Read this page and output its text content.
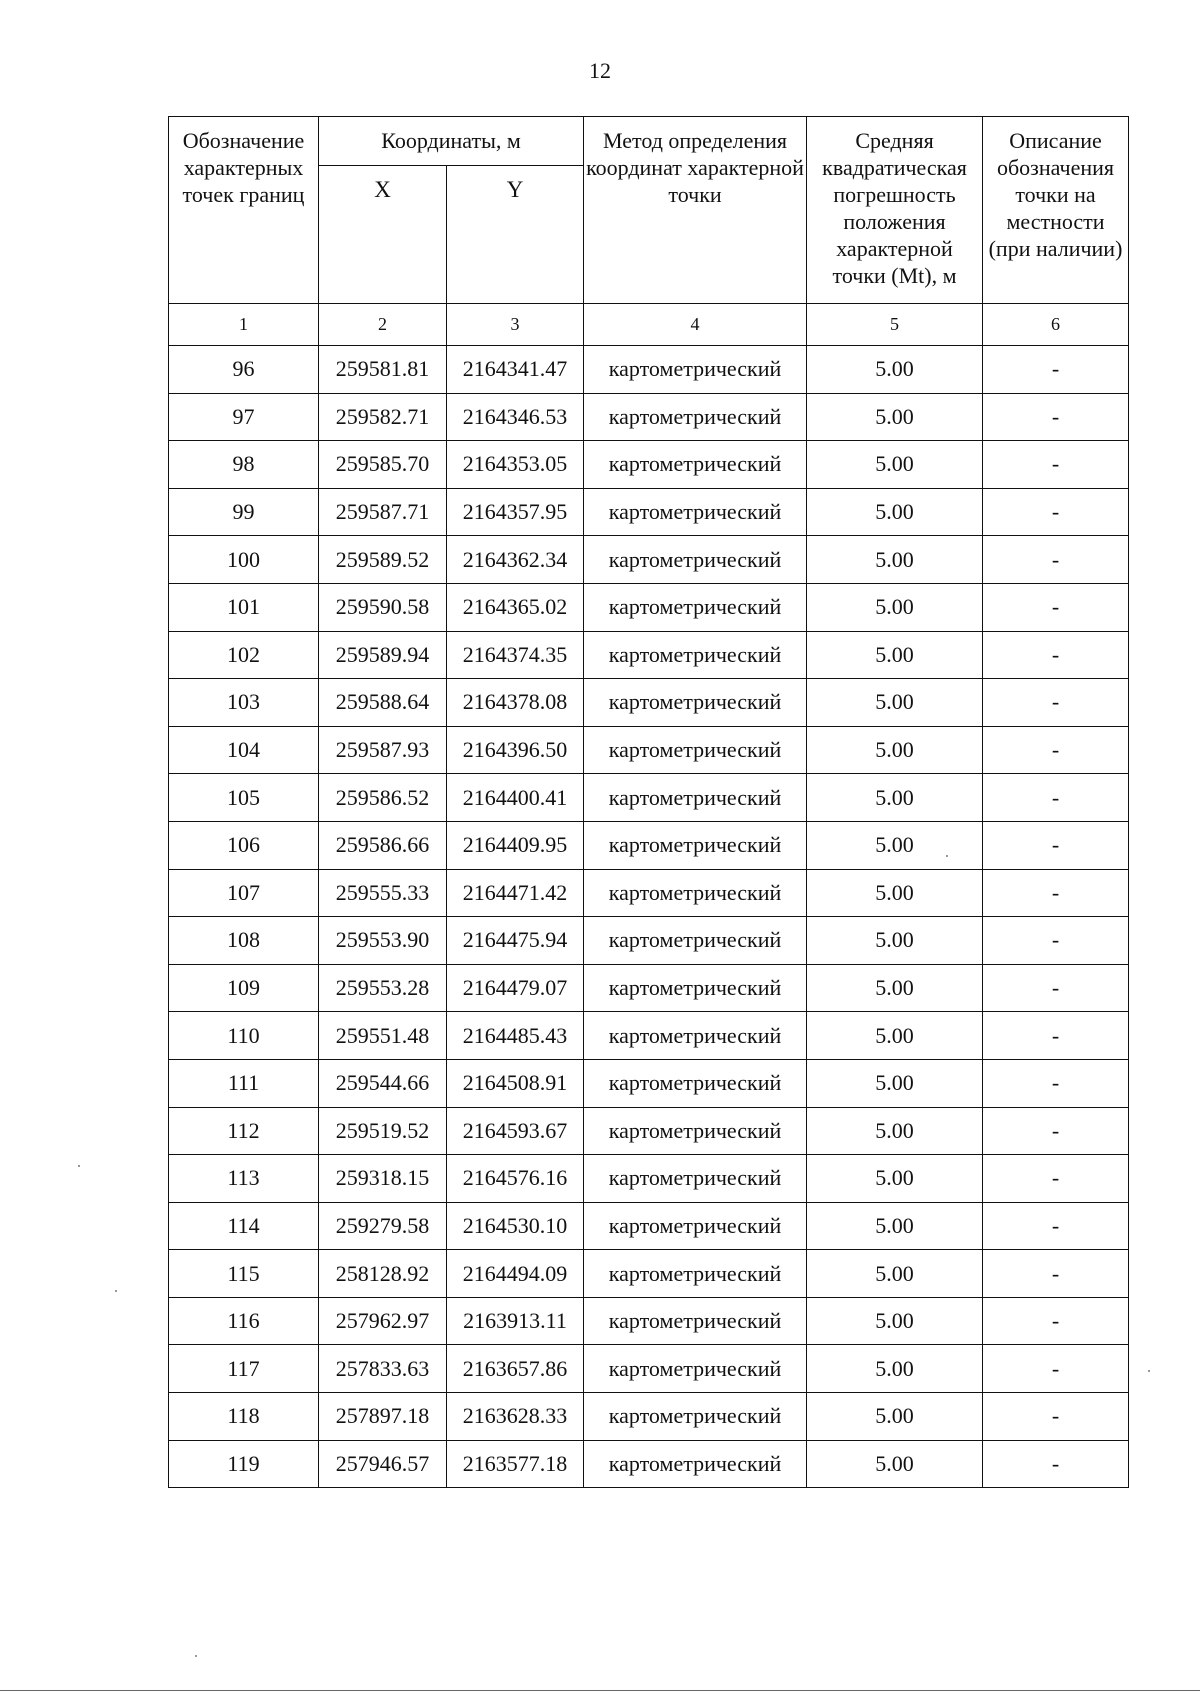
12
Обозначение характерных точек границ	Координаты, м		Метод определения координат характерной точки	Средняя квадратическая погрешность положения характерной точки (Mt), м	Описание обозначения точки на местности (при наличии)
	X	Y			
1	2	3	4	5	6
96	259581.81	2164341.47	картометрический	5.00	-
97	259582.71	2164346.53	картометрический	5.00	-
98	259585.70	2164353.05	картометрический	5.00	-
99	259587.71	2164357.95	картометрический	5.00	-
100	259589.52	2164362.34	картометрический	5.00	-
101	259590.58	2164365.02	картометрический	5.00	-
102	259589.94	2164374.35	картометрический	5.00	-
103	259588.64	2164378.08	картометрический	5.00	-
104	259587.93	2164396.50	картометрический	5.00	-
105	259586.52	2164400.41	картометрический	5.00	-
106	259586.66	2164409.95	картометрический	5.00	-
107	259555.33	2164471.42	картометрический	5.00	-
108	259553.90	2164475.94	картометрический	5.00	-
109	259553.28	2164479.07	картометрический	5.00	-
110	259551.48	2164485.43	картометрический	5.00	-
111	259544.66	2164508.91	картометрический	5.00	-
112	259519.52	2164593.67	картометрический	5.00	-
113	259318.15	2164576.16	картометрический	5.00	-
114	259279.58	2164530.10	картометрический	5.00	-
115	258128.92	2164494.09	картометрический	5.00	-
116	257962.97	2163913.11	картометрический	5.00	-
117	257833.63	2163657.86	картометрический	5.00	-
118	257897.18	2163628.33	картометрический	5.00	-
119	257946.57	2163577.18	картометрический	5.00	-
